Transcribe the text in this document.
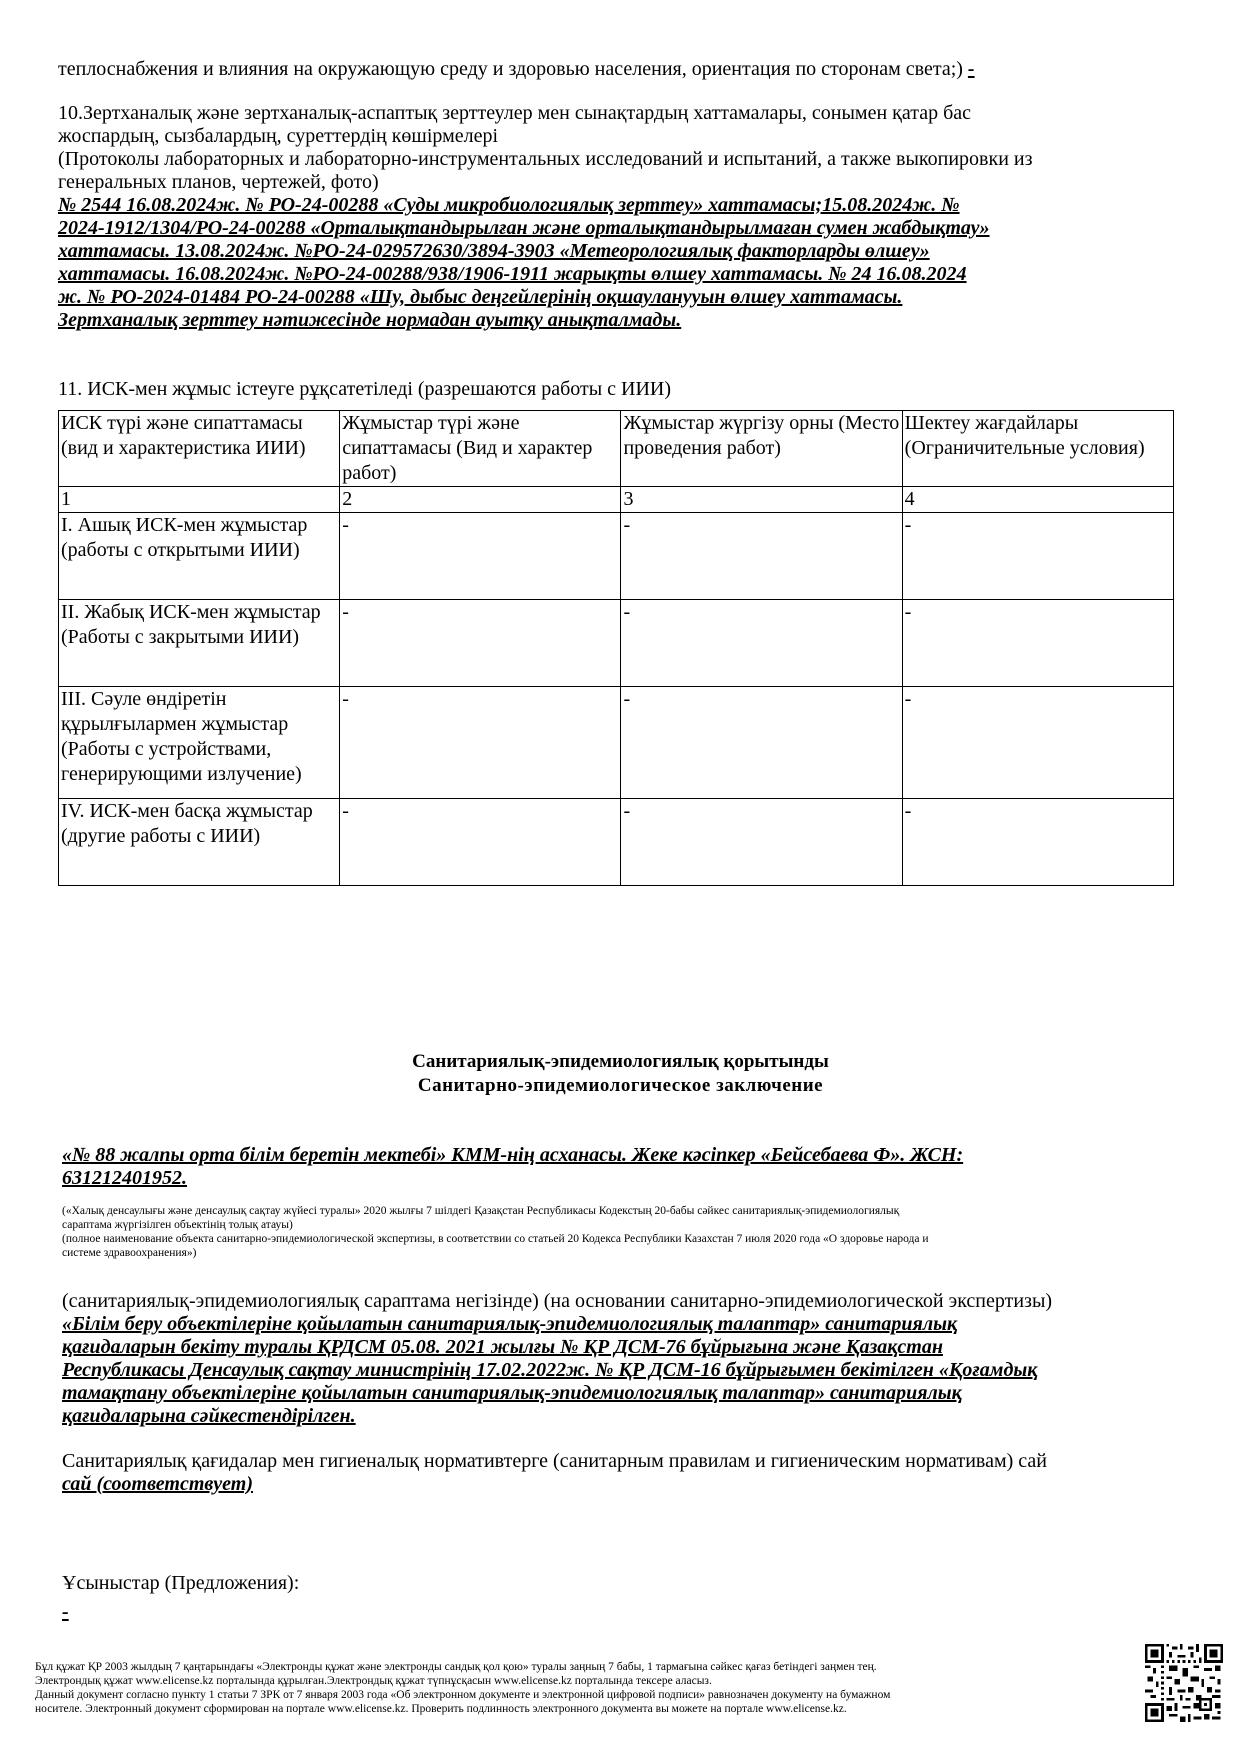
теплоснабжения и влияния на окружающую среду и здоровью населения, ориентация по сторонам света;) -
10.Зертханалық және зертханалық-аспаптық зерттеулер мен сынақтардың хаттамалары, сонымен қатар бас
жоспардың, сызбалардың, суреттердің көшірмелері
(Протоколы лабораторных и лабораторно-инструментальных исследований и испытаний, а также выкопировки из
генеральных планов, чертежей, фото)
№ 2544 16.08.2024ж. № РО-24-00288 «Суды микробиологиялық зерттеу» хаттамасы;15.08.2024ж. №
2024-1912/1304/РО-24-00288 «Орталықтандырылған және орталықтандырылмаған сумен жабдықтау»
хаттамасы. 13.08.2024ж. №РО-24-029572630/3894-3903 «Метеорологиялық факторларды өлшеу»
хаттамасы. 16.08.2024ж. №РО-24-00288/938/1906-1911 жарықты өлшеу хаттамасы. № 24 16.08.2024
ж. № РО-2024-01484 РО-24-00288 «Шу, дыбыс деңгейлерінің оқшауланууын өлшеу хаттамасы.
Зертханалық зерттеу нәтижесінде нормадан ауытқу анықталмады.
11. ИСК-мен жұмыс істеуге рұқсатетіледі (разрешаются работы с ИИИ)
ИСК түрі және сипаттамасы (вид и характеристика ИИИ)	Жұмыстар түрі және сипаттамасы (Вид и характер работ)	Жұмыстар жүргізу орны (Место проведения работ)	Шектеу жағдайлары (Ограничительные условия)
1	2	3	4
I. Ашық ИСК-мен жұмыстар (работы с открытыми ИИИ)	-	-	-
II. Жабық ИСК-мен жұмыстар (Работы с закрытыми ИИИ)	-	-	-
III. Сәуле өндіретін құрылғылармен жұмыстар (Работы с устройствами, генерирующими излучение)	-	-	-
IV. ИСК-мен басқа жұмыстар (другие работы с ИИИ)	-	-	-
Санитариялық-эпидемиологиялық қорытынды
Санитарно-эпидемиологическое заключение
«№ 88 жалпы орта білім беретін мектебі» КММ-нің асханасы. Жеке кәсіпкер «Бейсебаева Ф». ЖСН:
631212401952.
(«Халық денсаулығы және денсаулық сақтау жүйесі туралы» 2020 жылғы 7 шілдегі Қазақстан Республикасы Кодекстың 20-бабы сәйкес санитариялық-эпидемиологиялық
сараптама жүргізілген объектінің толық атауы)
(полное наименование объекта санитарно-эпидемиологической экспертизы, в соответствии со статьей 20 Кодекса Республики Казахстан 7 июля 2020 года «О здоровье народа и
системе здравоохранения»)
(санитариялық-эпидемиологиялық сараптама негізінде) (на основании санитарно-эпидемиологической экспертизы)
«Білім беру объектілеріне қойылатын санитариялық-эпидемиологиялық талаптар» санитариялық
қағидаларын бекіту туралы ҚРДСМ 05.08. 2021 жылғы № ҚР ДСМ-76 бұйрығына және Қазақстан
Республикасы Денсаулық сақтау министрінің 17.02.2022ж. № ҚР ДСМ-16 бұйрығымен бекітілген «Қоғамдық
тамақтану объектілеріне қойылатын санитариялық-эпидемиологиялық талаптар» санитариялық
қағидаларына сәйкестендірілген.
Санитариялық қағидалар мен гигиеналық нормативтерге (санитарным правилам и гигиеническим нормативам) сай
сай (соответствует)
Ұсыныстар (Предложения):
-
Бұл құжат ҚР 2003 жылдың 7 қаңтарындағы «Электронды құжат және электронды сандық қол қою» туралы заңның 7 бабы, 1 тармағына сәйкес қағаз бетіндегі заңмен тең.
Электрондық құжат www.elicense.kz порталында құрылған.Электрондық құжат түпнұсқасын www.elicense.kz порталында тексере аласыз.
Данный документ согласно пункту 1 статьи 7 ЗРК от 7 января 2003 года «Об электронном документе и электронной цифровой подписи» равнозначен документу на бумажном
носителе. Электронный документ сформирован на портале www.elicense.kz. Проверить подлинность электронного документа вы можете на портале www.elicense.kz.
